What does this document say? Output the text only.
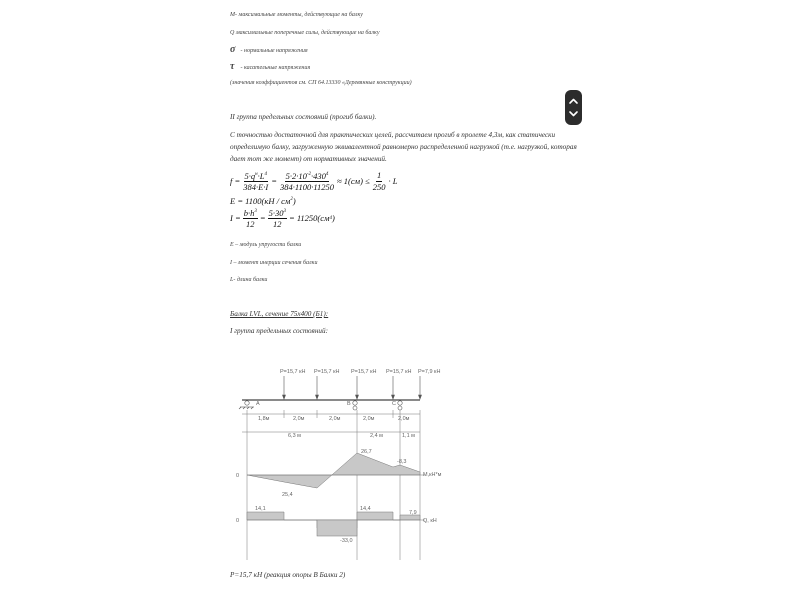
M- максимальные моменты, действующие на балку
Q максимальные поперечные силы, действующие на балку
σ - нормальные напряжения
τ - касательные напряжения
(значения коэффициентов см. СП 64.13330 «Деревянные конструкции)
II группа предельных состояний (прогиб балки).
С точностью достаточной для практических целей, рассчитаем прогиб в пролете 4,3м, как статически определимую балку, загруженную эквивалентной равномерно распределенной нагрузкой (т.е. нагрузкой, которая дает тот же момент) от нормативных значений.
$f = \frac{5\cdot q^н\cdot L^4}{384\cdot E\cdot I} = \frac{5\cdot 2\cdot 10^{-2}\cdot 430^4}{384\cdot 1100\cdot 11250} \approx 1(см) \le \frac{1}{250} \cdot L$
$E = 1100(кН / см^2)$
$I = \frac{b\cdot h^3}{12} = \frac{5\cdot 30^3}{12} = 11250(см$ 4 )
E – модуль упругости балки
I – момент инерции сечения балки
L- длина балки
Балка LVL, сечение 75х400 (Б1):
I группа предельных состояний:
P=15,7 кН P=15,7 кН P=15,7 кН P=15,7 кН P=7,9 кН
A	B	C
1,8м	2,0м	2,0м	2,0м	2,0м
6,3 м	2,4 м	1,1 м
0
26,7
-8,3
25,4
M,кН*м
0
14,1	14,4
7,9
-33,0
Q, кН
P=15,7 кН (реакция опоры В Балки 2)
